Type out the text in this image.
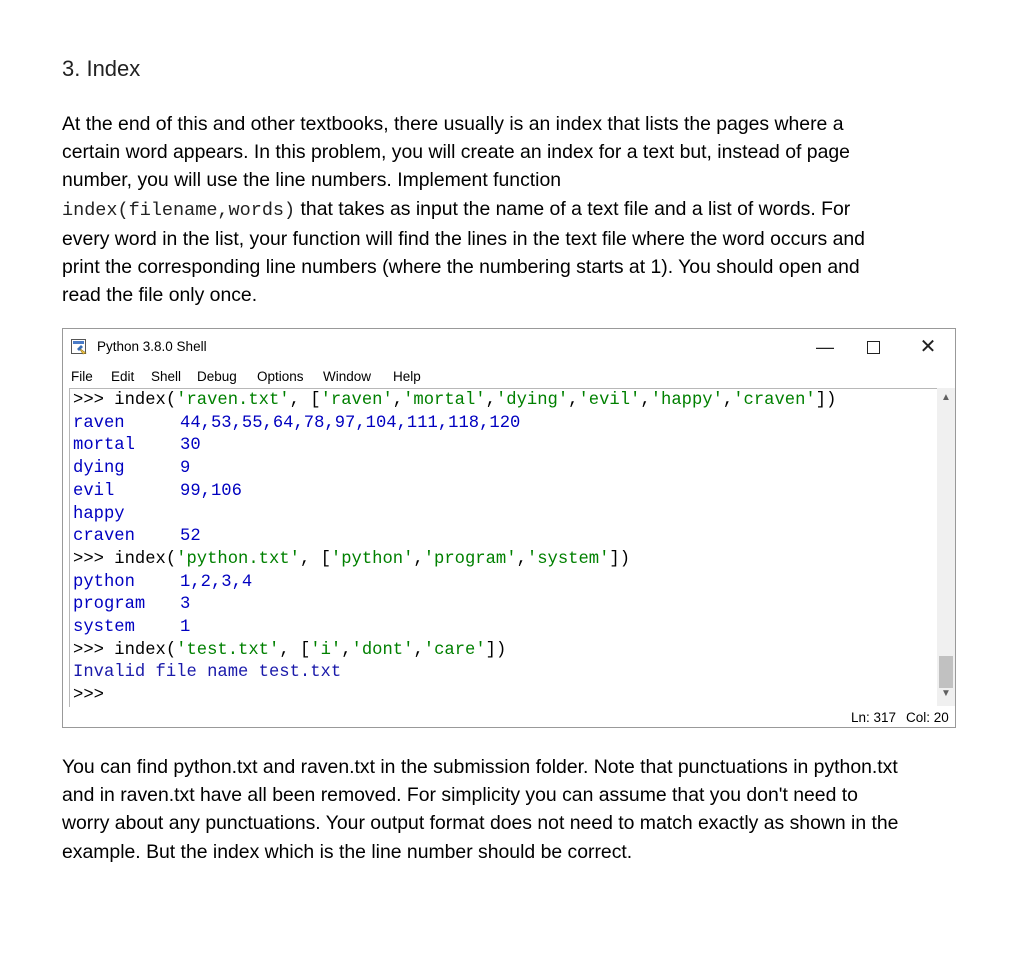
3. Index
At the end of this and other textbooks, there usually is an index that lists the pages where a certain word appears. In this problem, you will create an index for a text but, instead of page number, you will use the line numbers. Implement function
index(filename,words) that takes as input the name of a text file and a list of words. For every word in the list, your function will find the lines in the text file where the word occurs and print the corresponding line numbers (where the numbering starts at 1). You should open and read the file only once.
Python 3.8.0 Shell	—	✕
File Edit Shell Debug Options Window Help
>>> index('raven.txt', ['raven','mortal','dying','evil','happy','craven'])
raven	44,53,55,64,78,97,104,111,118,120
mortal	30
dying	9
evil	99,106
happy
craven	52
>>> index('python.txt', ['python','program','system'])
python	1,2,3,4
program 3
system	1
>>> index('test.txt', ['i','dont','care'])
Invalid file name test.txt
>>>
▲
▼
Ln: 317 Col: 20
You can find python.txt and raven.txt in the submission folder. Note that punctuations in python.txt and in raven.txt have all been removed. For simplicity you can assume that you don't need to worry about any punctuations. Your output format does not need to match exactly as shown in the example. But the index which is the line number should be correct.
